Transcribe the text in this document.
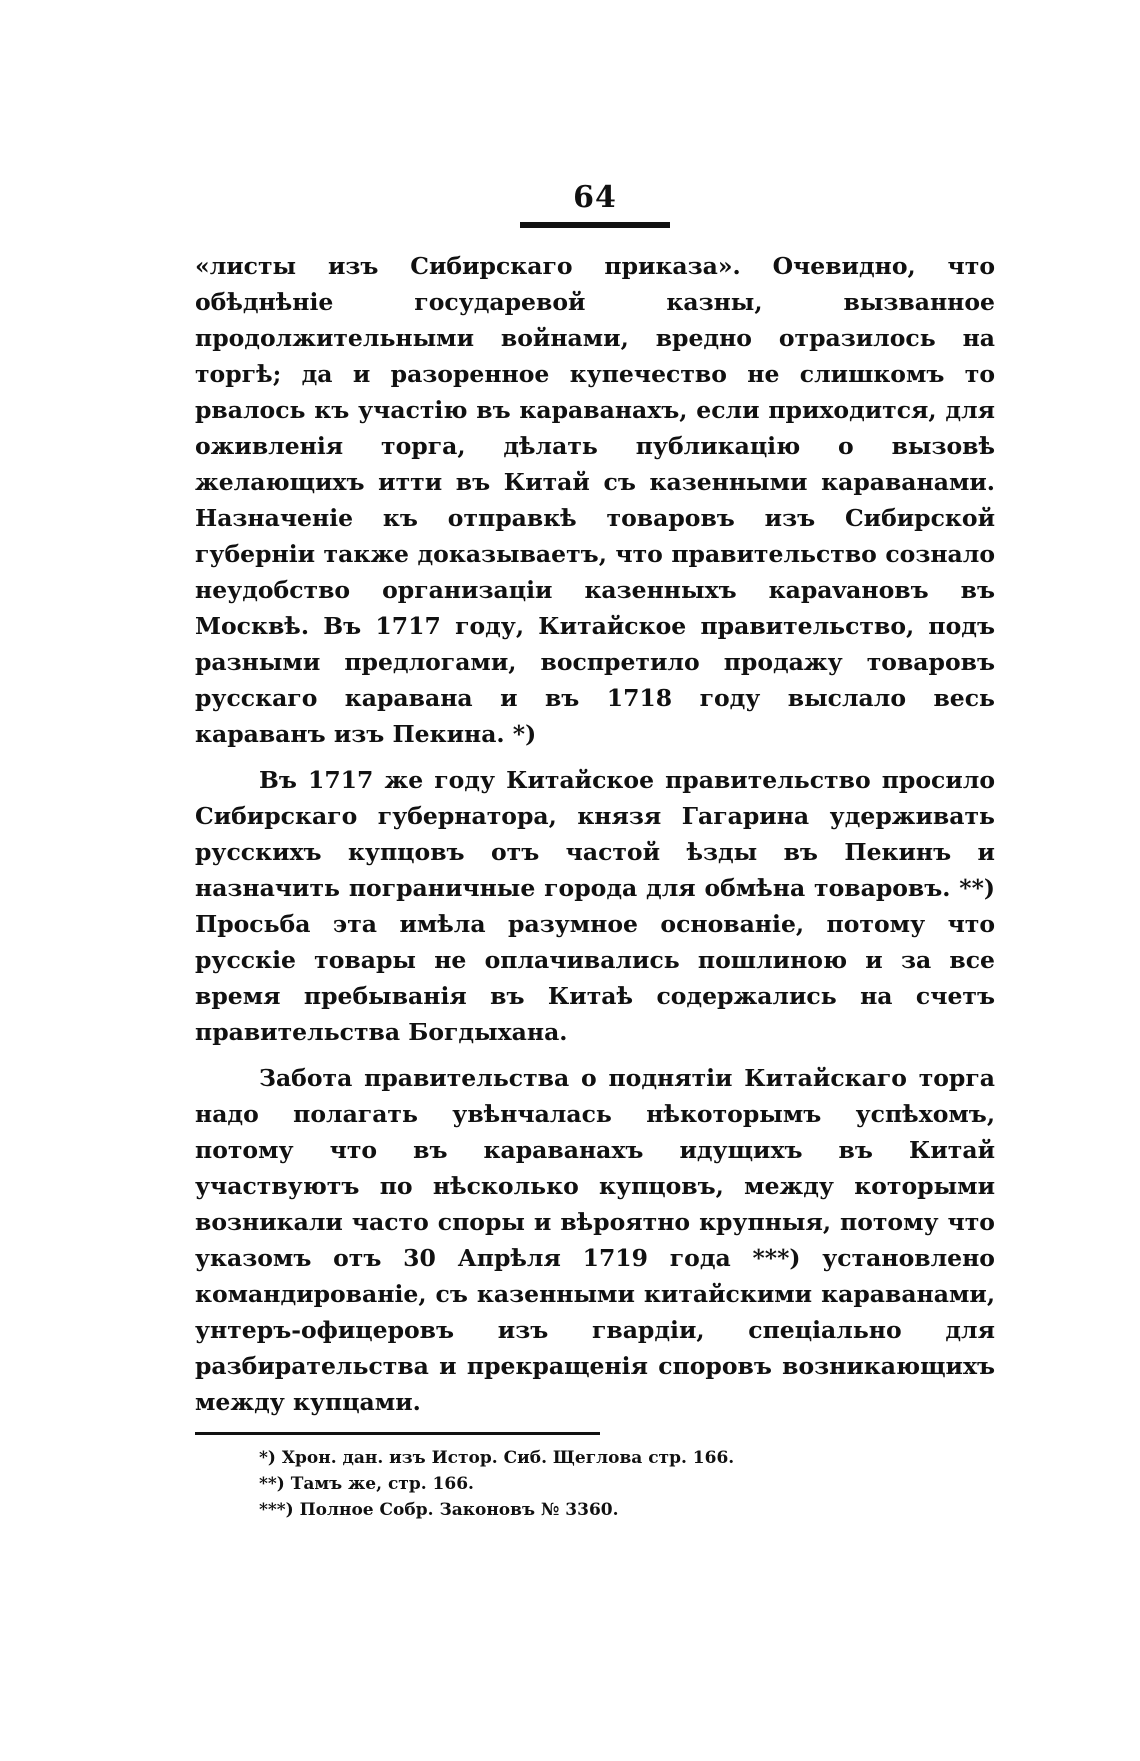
64

«листы изъ Сибирскаго приказа». Очевидно, что обѣднѣніе государевой казны, вызванное продолжительными войнами, вредно отразилось на торгѣ; да и разоренное купечество не слишкомъ то рвалось къ участію въ караванахъ, если приходится, для оживленія торга, дѣлать публикацію о вызовѣ желающихъ итти въ Китай съ казенными караванами. Назначеніе къ отправкѣ товаровъ изъ Сибирской губерніи также доказываетъ, что правительство сознало неудобство организаціи казенныхъ карavановъ въ Москвѣ. Въ 1717 году, Китайское правительство, подъ разными предлогами, воспретило продажу товаровъ русскаго каравана и въ 1718 году выслало весь караванъ изъ Пекина. *)

Въ 1717 же году Китайское правительство просило Сибирскаго губернатора, князя Гагарина удерживать русскихъ купцовъ отъ частой ѣзды въ Пекинъ и назначить пограничные города для обмѣна товаровъ. **) Просьба эта имѣла разумное основаніе, потому что русскіе товары не оплачивались пошлиною и за все время пребыванія въ Китаѣ содержались на счетъ правительства Богдыхана.

Забота правительства о поднятіи Китайскаго торга надо полагать увѣнчалась нѣкоторымъ успѣхомъ, потому что въ караванахъ идущихъ въ Китай участвуютъ по нѣсколько купцовъ, между которыми возникали часто споры и вѣроятно крупныя, потому что указомъ отъ 30 Апрѣля 1719 года ***) установлено командированіе, съ казенными китайскими караванами, унтеръ-офицеровъ изъ гвардіи, спеціально для разбирательства и прекращенія споровъ возникающихъ между купцами.

*) Хрон. дан. изъ Истор. Сиб. Щеглова стр. 166.
**) Тамъ же, стр. 166.
***) Полное Собр. Законовъ № 3360.
